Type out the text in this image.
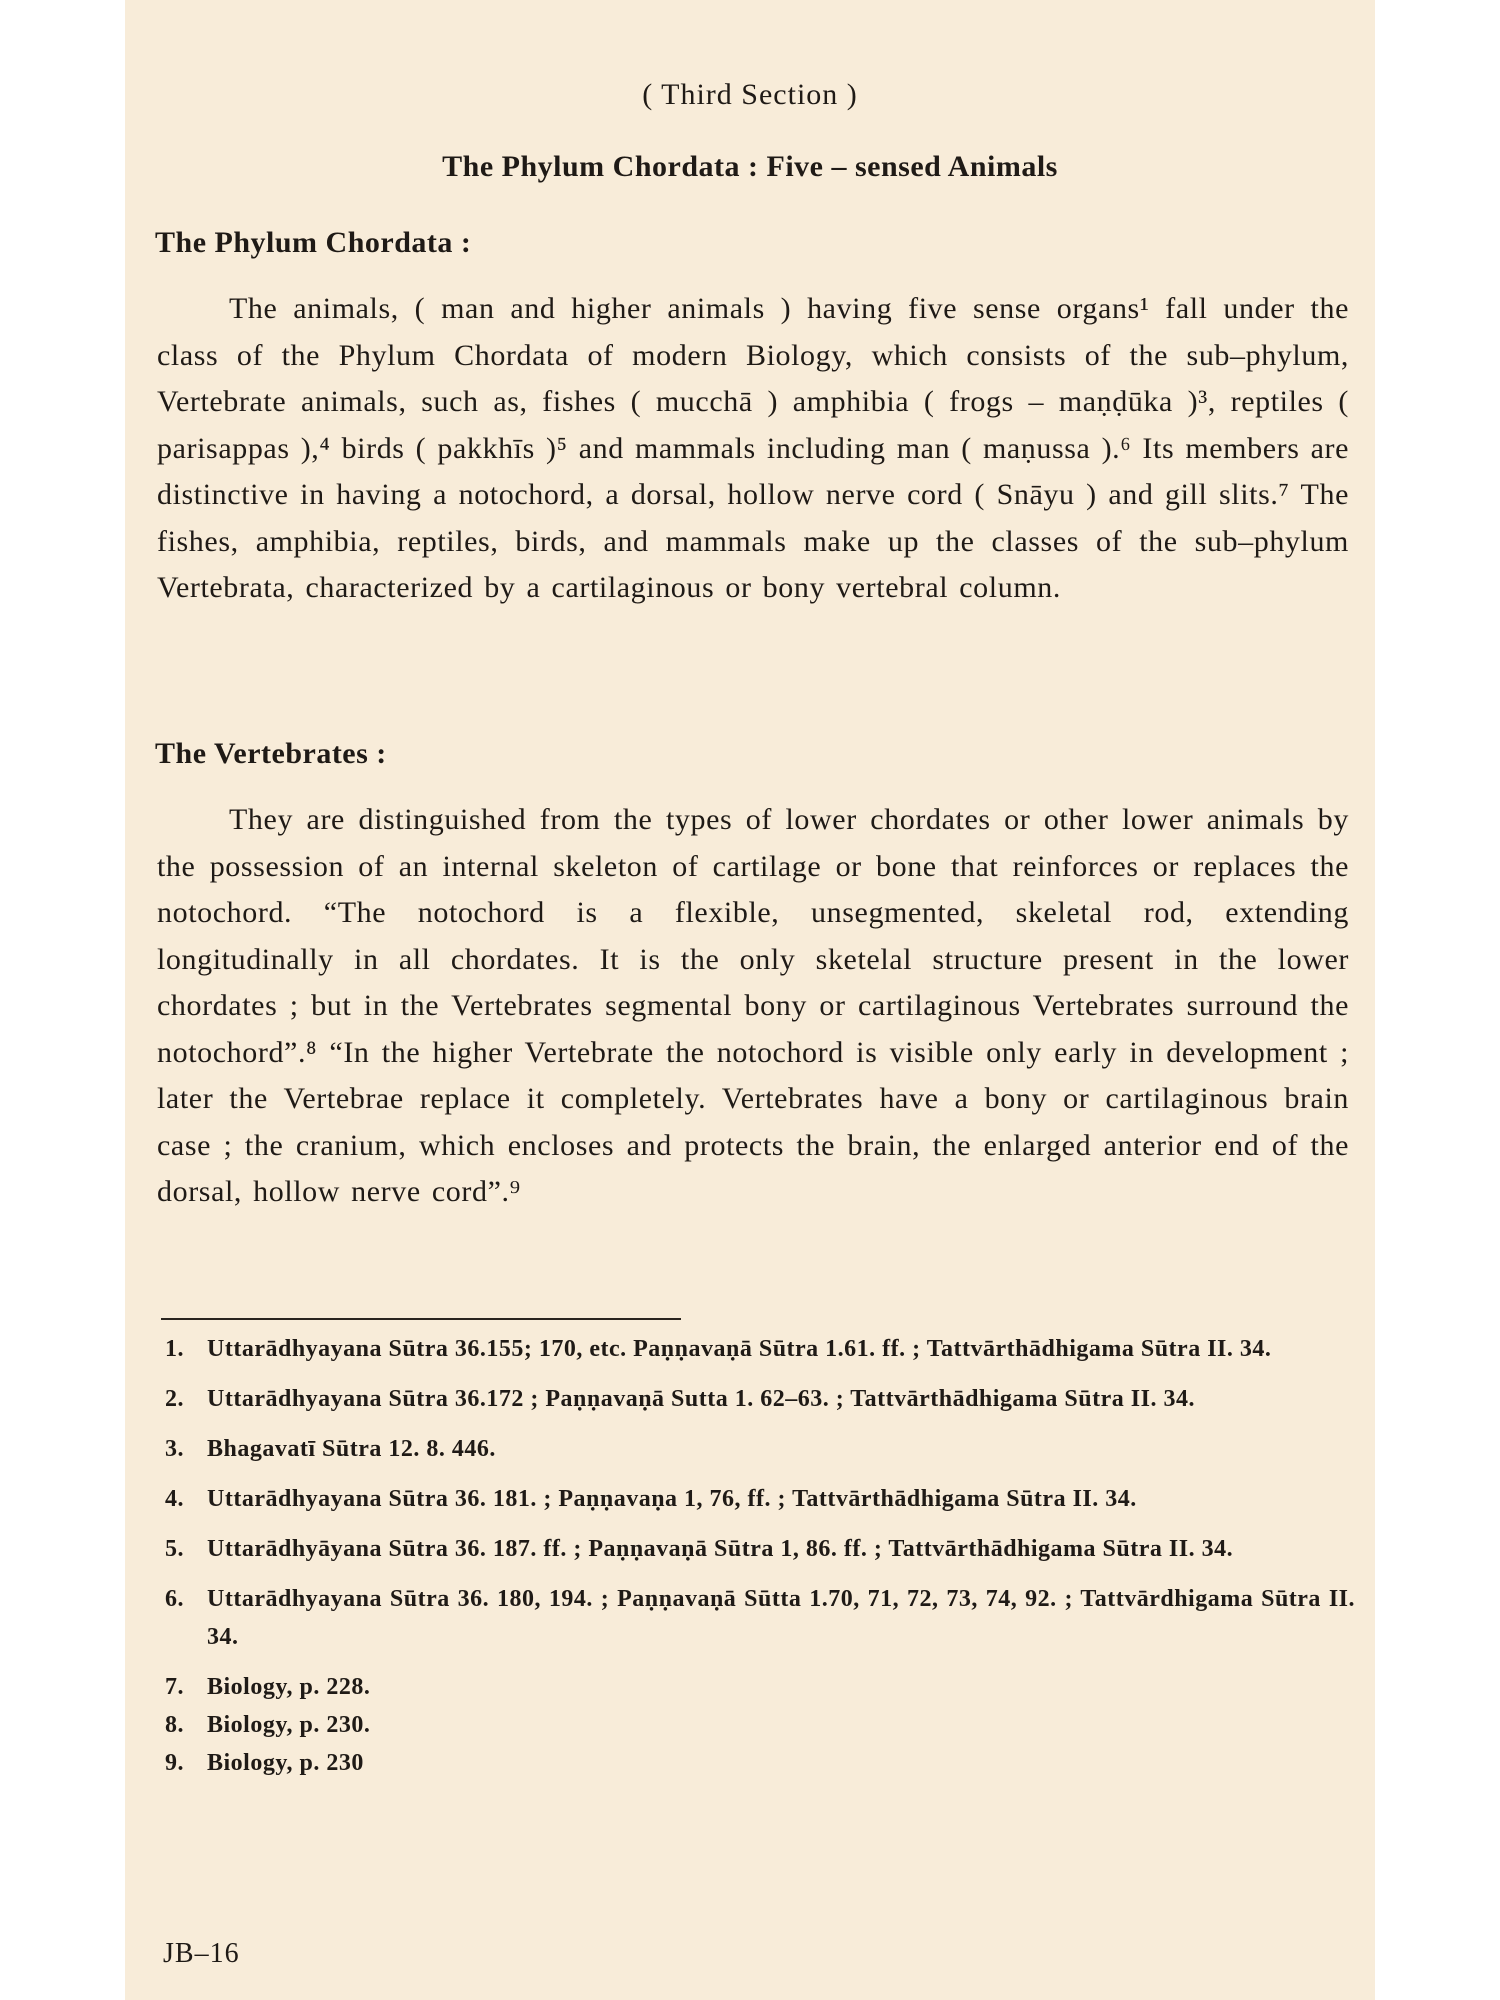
( Third Section )
The Phylum Chordata : Five – sensed Animals
The Phylum Chordata :

The animals, ( man and higher animals ) having five sense organs¹ fall under the class of the Phylum Chordata of modern Biology, which consists of the sub–phylum, Vertebrate animals, such as, fishes ( mucchā ) amphibia ( frogs – maṇḍūka )³, reptiles ( parisappas ),⁴ birds ( pakkhīs )⁵ and mammals including man ( maṇussa ).⁶ Its members are distinctive in having a notochord, a dorsal, hollow nerve cord ( Snāyu ) and gill slits.⁷ The fishes, amphibia, reptiles, birds, and mammals make up the classes of the sub–phylum Vertebrata, characterized by a cartilaginous or bony vertebral column.

The Vertebrates :

They are distinguished from the types of lower chordates or other lower animals by the possession of an internal skeleton of cartilage or bone that reinforces or replaces the notochord. “The notochord is a flexible, unsegmented, skeletal rod, extending longitudinally in all chordates. It is the only sketelal structure present in the lower chordates ; but in the Vertebrates segmental bony or cartilaginous Vertebrates surround the notochord”.⁸ “In the higher Vertebrate the notochord is visible only early in development ; later the Vertebrae replace it completely. Vertebrates have a bony or cartilaginous brain case ; the cranium, which encloses and protects the brain, the enlarged anterior end of the dorsal, hollow nerve cord”.⁹

1. Uttarādhyayana Sūtra 36.155; 170, etc. Paṇṇavaṇā Sūtra 1.61. ff. ; Tattvārthādhigama Sūtra II. 34.
2. Uttarādhyayana Sūtra 36.172 ; Paṇṇavaṇā Sutta 1. 62–63. ; Tattvārthādhigama Sūtra II. 34.
3. Bhagavatī Sūtra 12. 8. 446.
4. Uttarādhyayana Sūtra 36. 181. ; Paṇṇavaṇa 1, 76, ff. ; Tattvārthādhigama Sūtra II. 34.
5. Uttarādhyāyana Sūtra 36. 187. ff. ; Paṇṇavaṇā Sūtra 1, 86. ff. ; Tattvārthādhigama Sūtra II. 34.
6. Uttarādhyayana Sūtra 36. 180, 194. ; Paṇṇavaṇā Sūtta 1.70, 71, 72, 73, 74, 92. ; Tattvārdhigama Sūtra II. 34.
7. Biology, p. 228.
8. Biology, p. 230.
9. Biology, p. 230
JB–16
